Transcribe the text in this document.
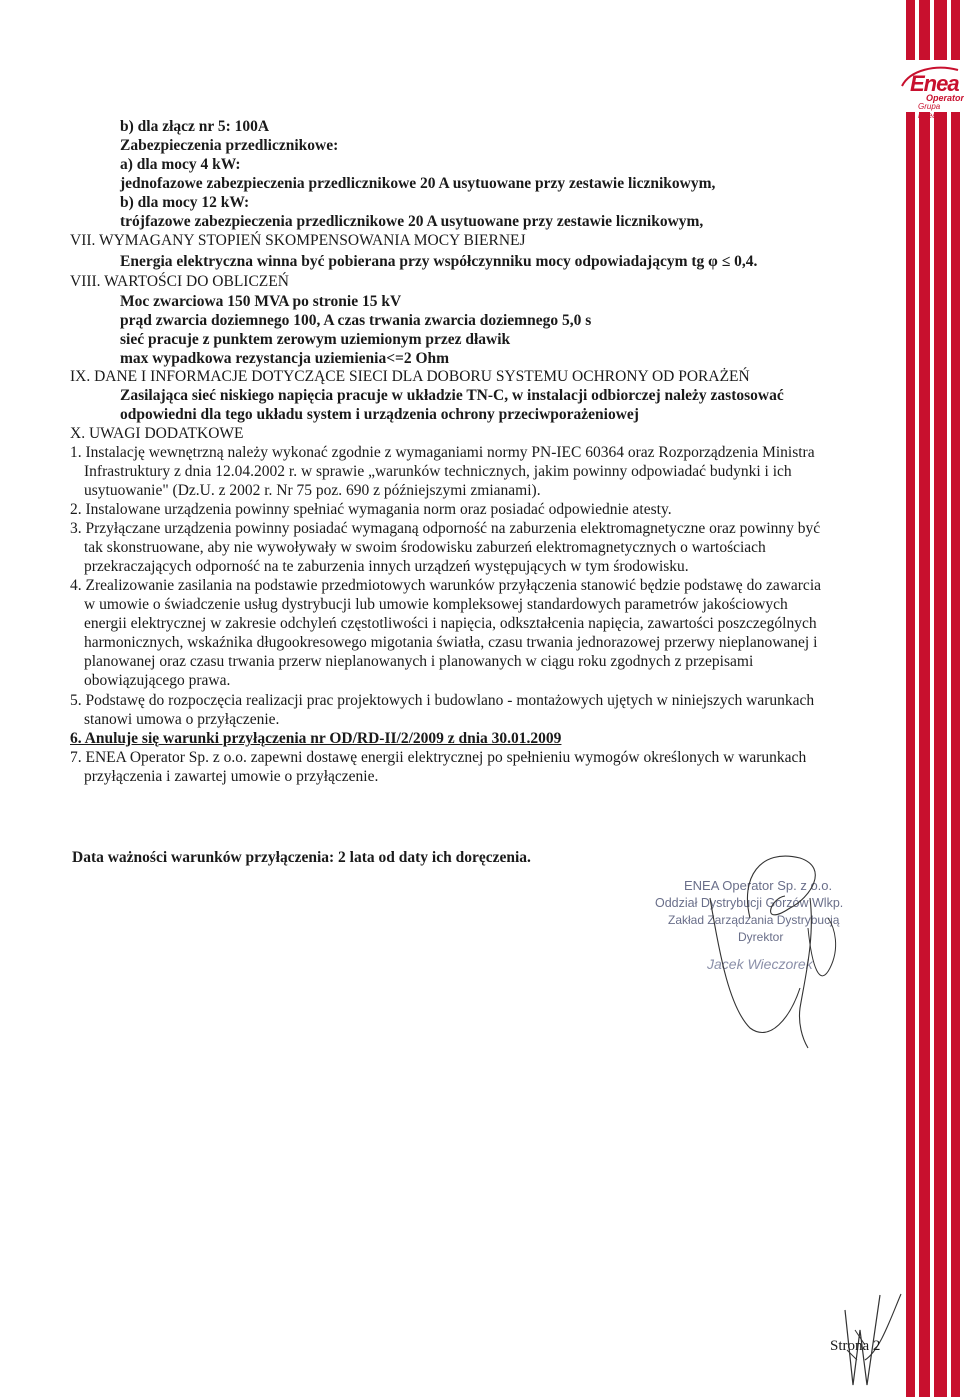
Enea
Operator
Grupa Enea
b) dla złącz nr 5: 100A
Zabezpieczenia przedlicznikowe:
a) dla mocy 4 kW:
jednofazowe zabezpieczenia przedlicznikowe 20 A usytuowane przy zestawie licznikowym,
b) dla mocy 12 kW:
trójfazowe zabezpieczenia przedlicznikowe 20 A usytuowane przy zestawie licznikowym,
VII. WYMAGANY STOPIEŃ SKOMPENSOWANIA MOCY BIERNEJ
Energia elektryczna winna być pobierana przy współczynniku mocy odpowiadającym tg φ ≤ 0,4.
VIII. WARTOŚCI DO OBLICZEŃ
Moc zwarciowa 150 MVA po stronie 15 kV
prąd zwarcia doziemnego 100, A czas trwania zwarcia doziemnego 5,0 s
sieć pracuje z punktem zerowym uziemionym przez dławik
max wypadkowa rezystancja uziemienia<=2 Ohm
IX. DANE I INFORMACJE DOTYCZĄCE SIECI DLA DOBORU SYSTEMU OCHRONY OD PORAŻEŃ
Zasilająca sieć niskiego napięcia pracuje w układzie TN-C, w instalacji odbiorczej należy zastosować
odpowiedni dla tego układu system i urządzenia ochrony przeciwporażeniowej
X. UWAGI DODATKOWE
1. Instalację wewnętrzną należy wykonać zgodnie z wymaganiami normy PN-IEC 60364 oraz Rozporządzenia Ministra
Infrastruktury z dnia 12.04.2002 r. w sprawie „warunków technicznych, jakim powinny odpowiadać budynki i ich
usytuowanie" (Dz.U. z 2002 r. Nr 75 poz. 690 z późniejszymi zmianami).
2. Instalowane urządzenia powinny spełniać wymagania norm oraz posiadać odpowiednie atesty.
3. Przyłączane urządzenia powinny posiadać wymaganą odporność na zaburzenia elektromagnetyczne oraz powinny być
tak skonstruowane, aby nie wywoływały w swoim środowisku zaburzeń elektromagnetycznych o wartościach
przekraczających odporność na te zaburzenia innych urządzeń występujących w tym środowisku.
4. Zrealizowanie zasilania na podstawie przedmiotowych warunków przyłączenia stanowić będzie podstawę do zawarcia
w umowie o świadczenie usług dystrybucji lub umowie kompleksowej standardowych parametrów jakościowych
energii elektrycznej w zakresie odchyleń częstotliwości i napięcia, odkształcenia napięcia, zawartości poszczególnych
harmonicznych, wskaźnika długookresowego migotania światła, czasu trwania jednorazowej przerwy nieplanowanej i
planowanej oraz czasu trwania przerw nieplanowanych i planowanych w ciągu roku zgodnych z przepisami
obowiązującego prawa.
5. Podstawę do rozpoczęcia realizacji prac projektowych i budowlano - montażowych ujętych w niniejszych warunkach
stanowi umowa o przyłączenie.
6. Anuluje się warunki przyłączenia nr OD/RD-II/2/2009 z dnia 30.01.2009
7. ENEA Operator Sp. z o.o. zapewni dostawę energii elektrycznej po spełnieniu wymogów określonych w warunkach
przyłączenia i zawartej umowie o przyłączenie.
Data ważności warunków przyłączenia: 2 lata od daty ich doręczenia.
ENEA Operator Sp. z o.o.
Oddział Dystrybucji Gorzów Wlkp.
Zakład Zarządzania Dystrybucją
Dyrektor
Jacek Wieczorek
Strona 2
